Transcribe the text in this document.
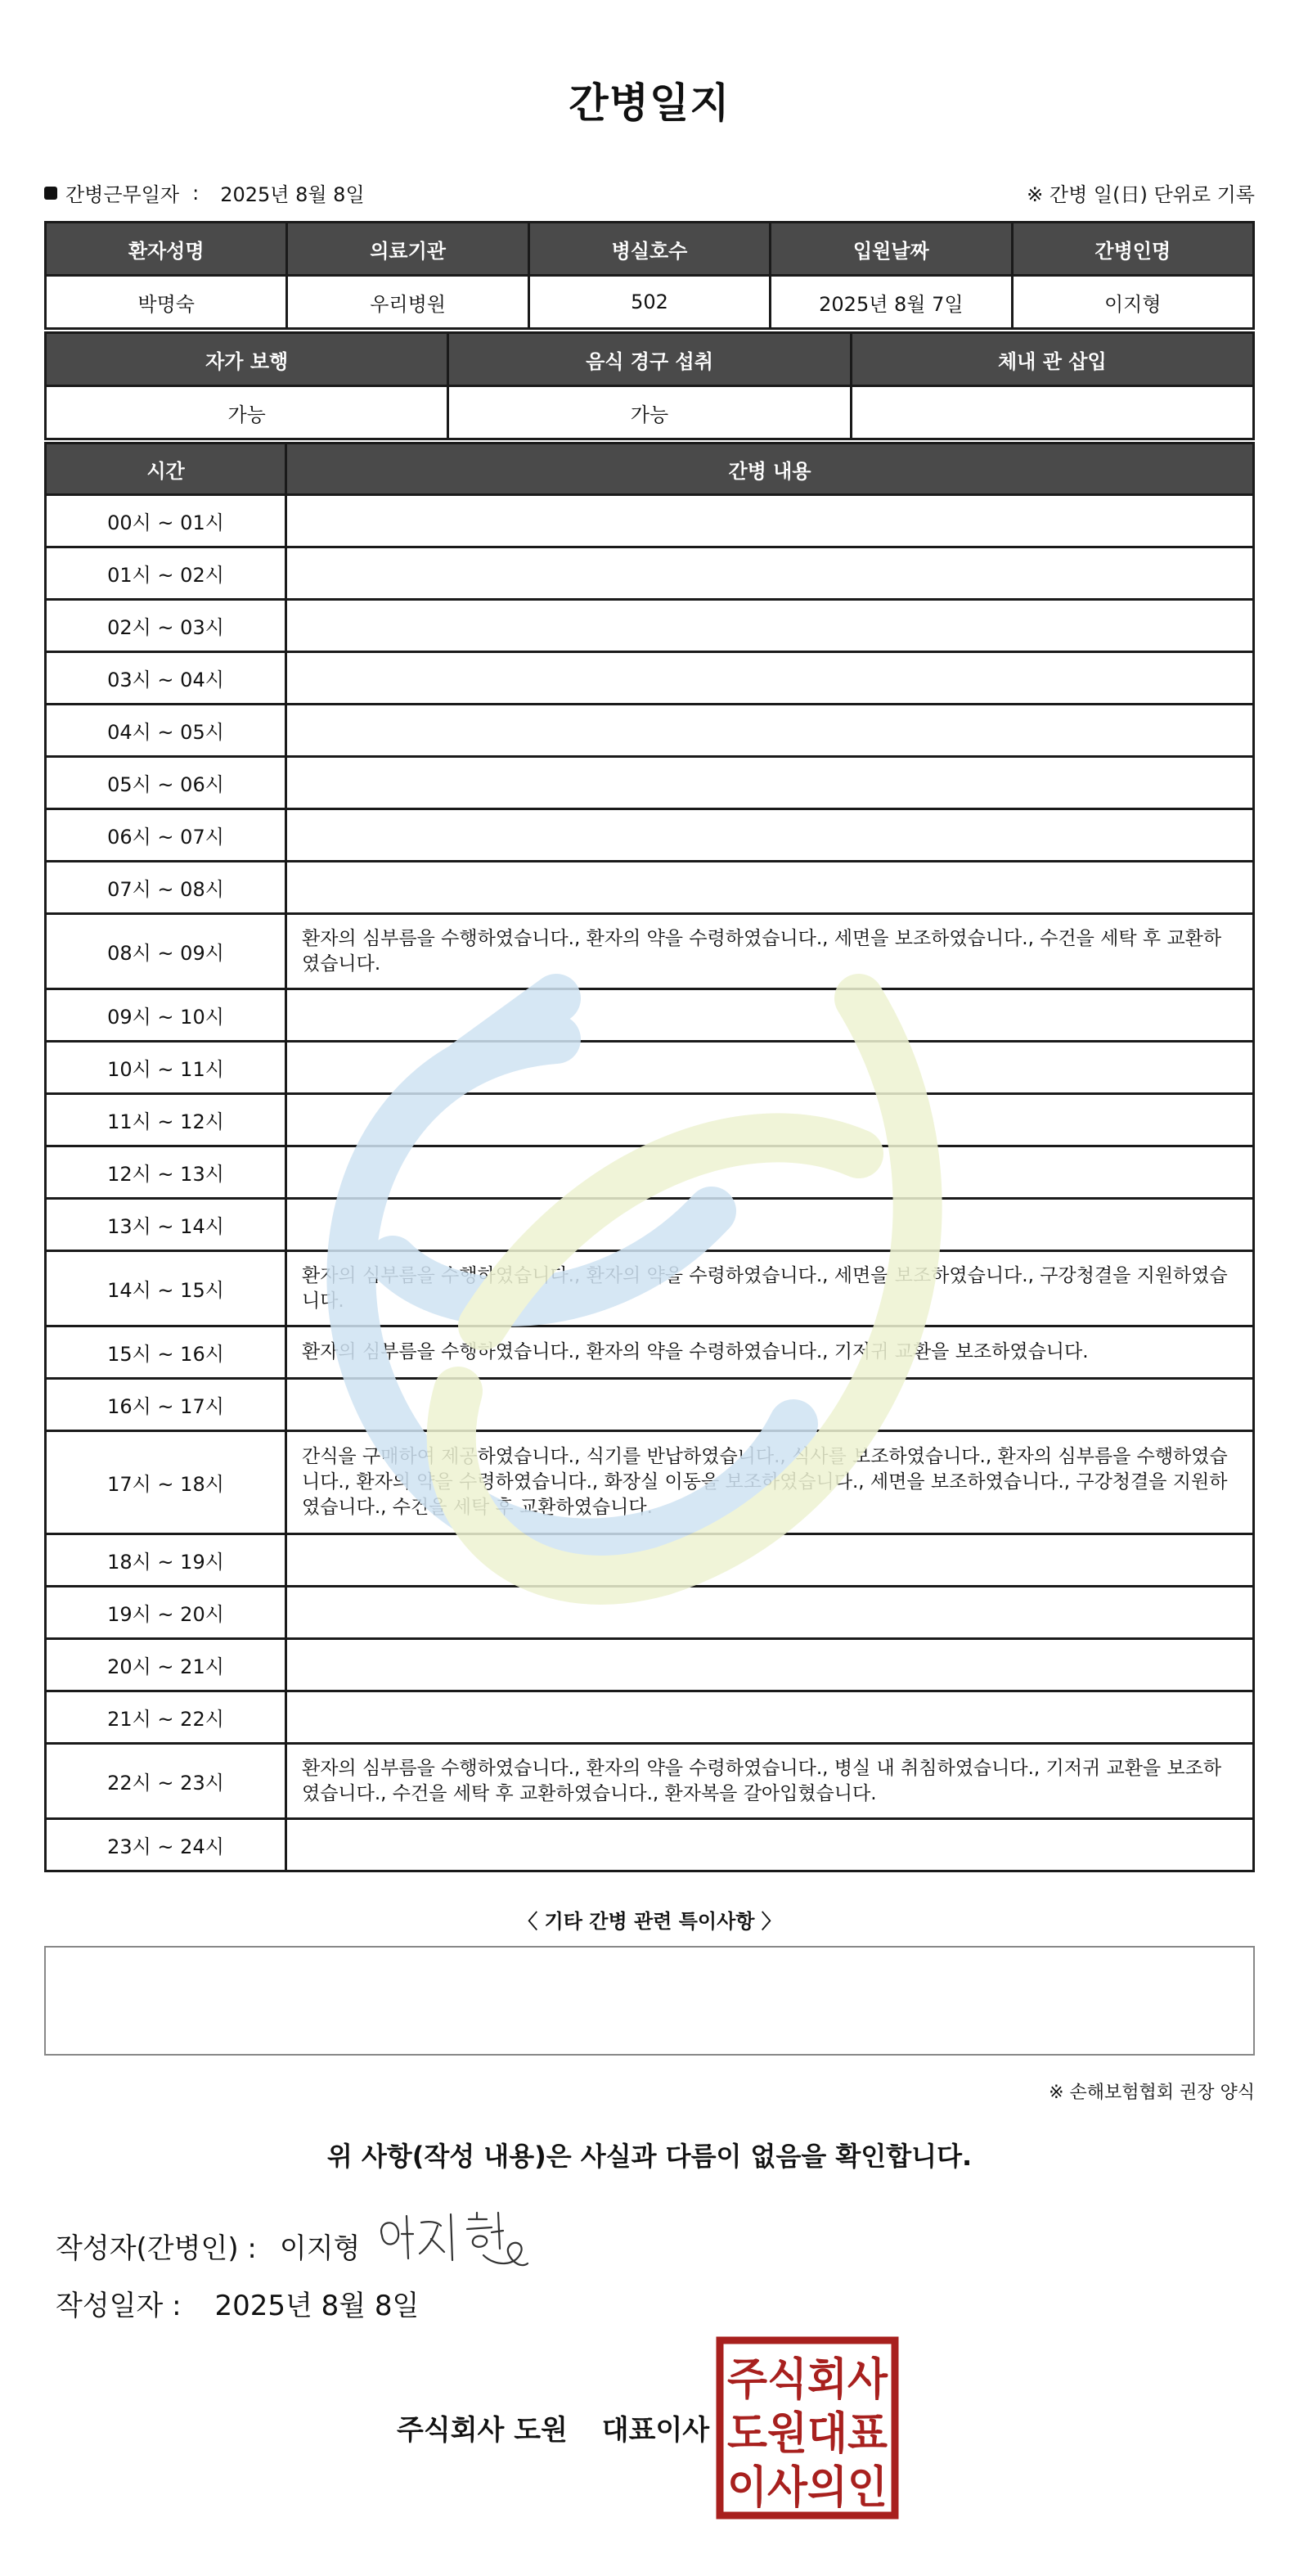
간병일지
간병근무일자 : 2025년 8월 8일	※ 간병 일(日) 단위로 기록
환자성명	의료기관	병실호수	입원날짜	간병인명
박명숙	우리병원	502	2025년 8월 7일	이지형
자가 보행	음식 경구 섭취	체내 관 삽입
가능	가능	
시간	간병 내용
00시 ~ 01시	
01시 ~ 02시	
02시 ~ 03시	
03시 ~ 04시	
04시 ~ 05시	
05시 ~ 06시	
06시 ~ 07시	
07시 ~ 08시	
08시 ~ 09시	환자의 심부름을 수행하였습니다., 환자의 약을 수령하였습니다., 세면을 보조하였습니다., 수건을 세탁 후 교환하였습니다.
09시 ~ 10시	
10시 ~ 11시	
11시 ~ 12시	
12시 ~ 13시	
13시 ~ 14시	
14시 ~ 15시	환자의 심부름을 수행하였습니다., 환자의 약을 수령하였습니다., 세면을 보조하였습니다., 구강청결을 지원하였습니다.
15시 ~ 16시	환자의 심부름을 수행하였습니다., 환자의 약을 수령하였습니다., 기저귀 교환을 보조하였습니다.
16시 ~ 17시	
17시 ~ 18시	간식을 구매하여 제공하였습니다., 식기를 반납하였습니다., 식사를 보조하였습니다., 환자의 심부름을 수행하였습니다., 환자의 약을 수령하였습니다., 화장실 이동을 보조하였습니다., 세면을 보조하였습니다., 구강청결을 지원하였습니다., 수건을 세탁 후 교환하였습니다.
18시 ~ 19시	
19시 ~ 20시	
20시 ~ 21시	
21시 ~ 22시	
22시 ~ 23시	환자의 심부름을 수행하였습니다., 환자의 약을 수령하였습니다., 병실 내 취침하였습니다., 기저귀 교환을 보조하였습니다., 수건을 세탁 후 교환하였습니다., 환자복을 갈아입혔습니다.
23시 ~ 24시	
〈 기타 간병 관련 특이사항 〉
※ 손해보험협회 권장 양식
위 사항(작성 내용)은 사실과 다름이 없음을 확인합니다.
작성자(간병인) : 이지형
작성일자 : 2025년 8월 8일
주식회사 도원 대표이사
주식회사
도원대표
이사의인
